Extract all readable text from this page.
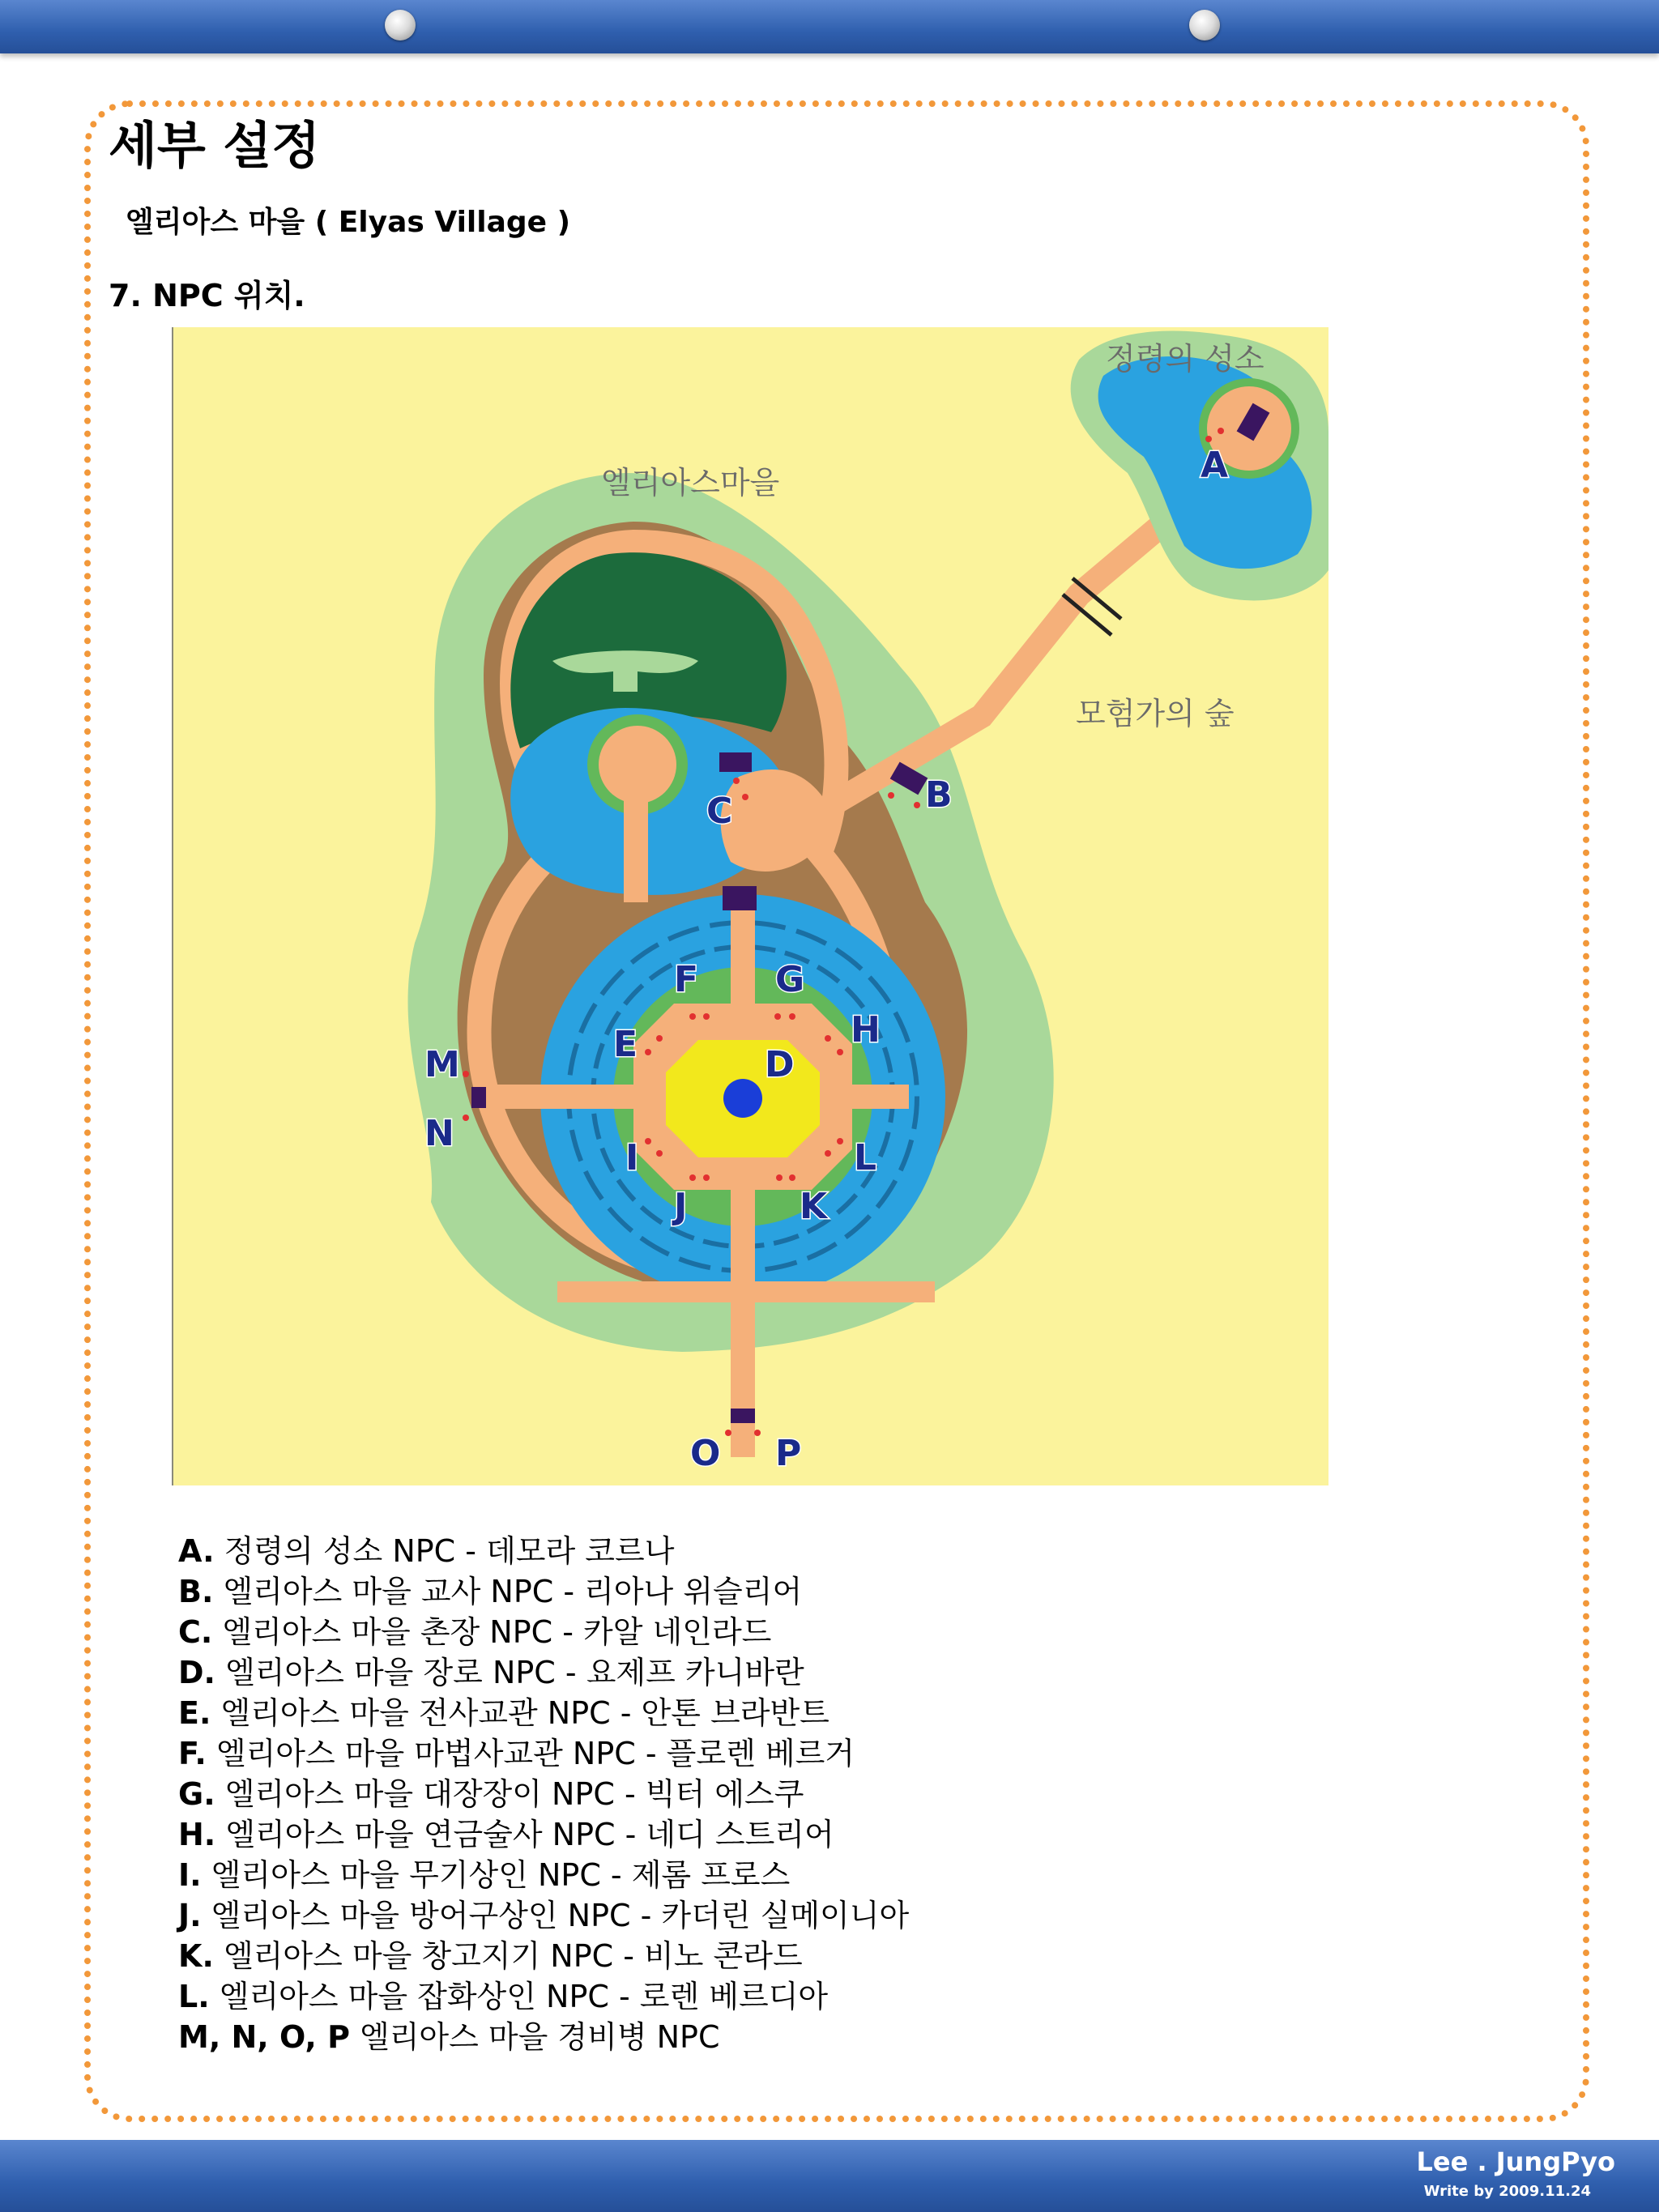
세부 설정
엘리아스 마을 ( Elyas Village )
7. NPC 위치.
정령의 성소
엘리아스마을
모험가의 숲
A
B
C
D
E
F G
H
I
J	K
L
M
N
O P
A. 정령의 성소 NPC - 데모라 코르나
B. 엘리아스 마을 교사 NPC - 리아나 위슬리어
C. 엘리아스 마을 촌장 NPC - 카알 네인라드
D. 엘리아스 마을 장로 NPC - 요제프 카니바란
E. 엘리아스 마을 전사교관 NPC - 안톤 브라반트
F. 엘리아스 마을 마법사교관 NPC - 플로렌 베르거
G. 엘리아스 마을 대장장이 NPC - 빅터 에스쿠
H. 엘리아스 마을 연금술사 NPC - 네디 스트리어
I. 엘리아스 마을 무기상인 NPC - 제롬 프로스
J. 엘리아스 마을 방어구상인 NPC - 카더린 실메이니아
K. 엘리아스 마을 창고지기 NPC - 비노 콘라드
L. 엘리아스 마을 잡화상인 NPC - 로렌 베르디아
M, N, O, P 엘리아스 마을 경비병 NPC
Lee . JungPyo
Write by 2009.11.24
